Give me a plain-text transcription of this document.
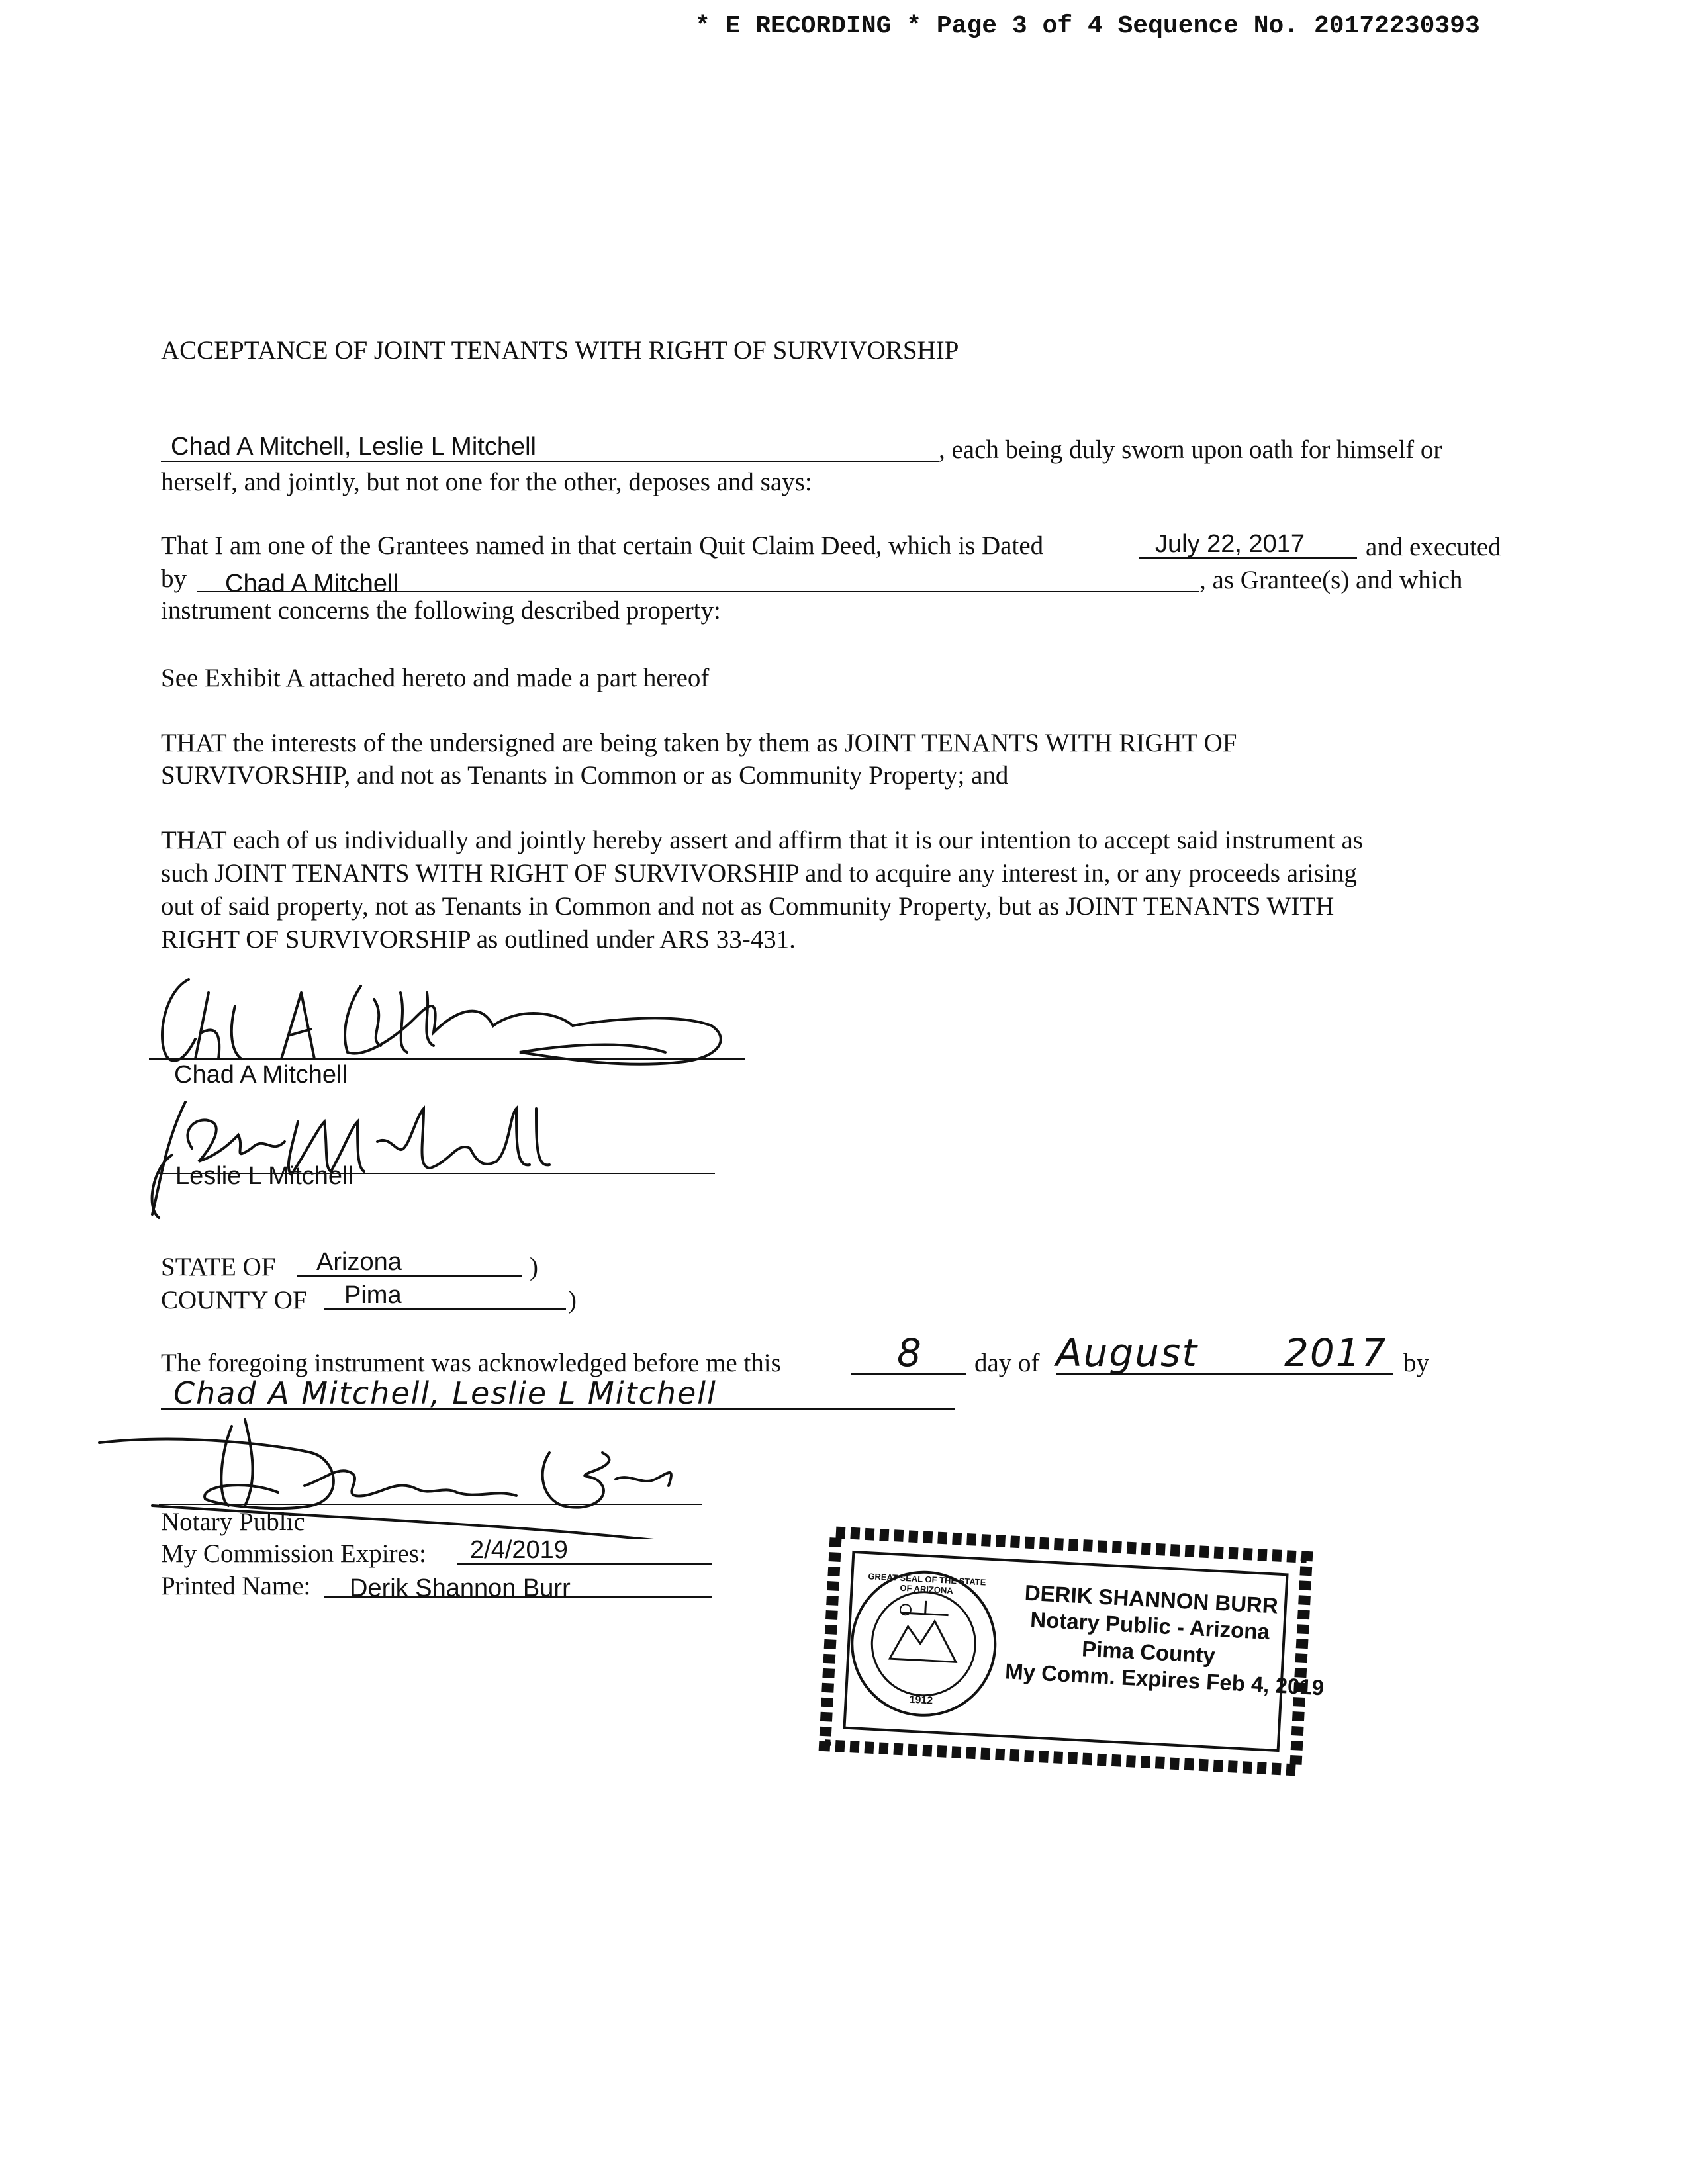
* E RECORDING * Page 3 of 4 Sequence No. 20172230393
ACCEPTANCE OF JOINT TENANTS WITH RIGHT OF SURVIVORSHIP
Chad A Mitchell, Leslie L Mitchell	, each being duly sworn upon oath for himself or
herself, and jointly, but not one for the other, deposes and says:
That I am one of the Grantees named in that certain Quit Claim Deed, which is Dated	July 22, 2017 and executed
by Chad A Mitchell	, as Grantee(s) and which
instrument concerns the following described property:
See Exhibit A attached hereto and made a part hereof
THAT the interests of the undersigned are being taken by them as JOINT TENANTS WITH RIGHT OF
SURVIVORSHIP, and not as Tenants in Common or as Community Property; and
THAT each of us individually and jointly hereby assert and affirm that it is our intention to accept said instrument as
such JOINT TENANTS WITH RIGHT OF SURVIVORSHIP and to acquire any interest in, or any proceeds arising
out of said property, not as Tenants in Common and not as Community Property, but as JOINT TENANTS WITH
RIGHT OF SURVIVORSHIP as outlined under ARS 33-431.
Chad A Mitchell
Leslie L Mitchell
STATE OF Arizona	)
COUNTY OF Pima	)
The foregoing instrument was acknowledged before me this	8 day of August 2017 by
Chad A Mitchell, Leslie L Mitchell
Notary Public
My Commission Expires: 2/4/2019
Printed Name: Derik Shannon Burr	GREAT SEAL OF THE STATE OF ARIZONA
1912
DERIK SHANNON BURR
Notary Public - Arizona
Pima County
My Comm. Expires Feb 4, 2019
